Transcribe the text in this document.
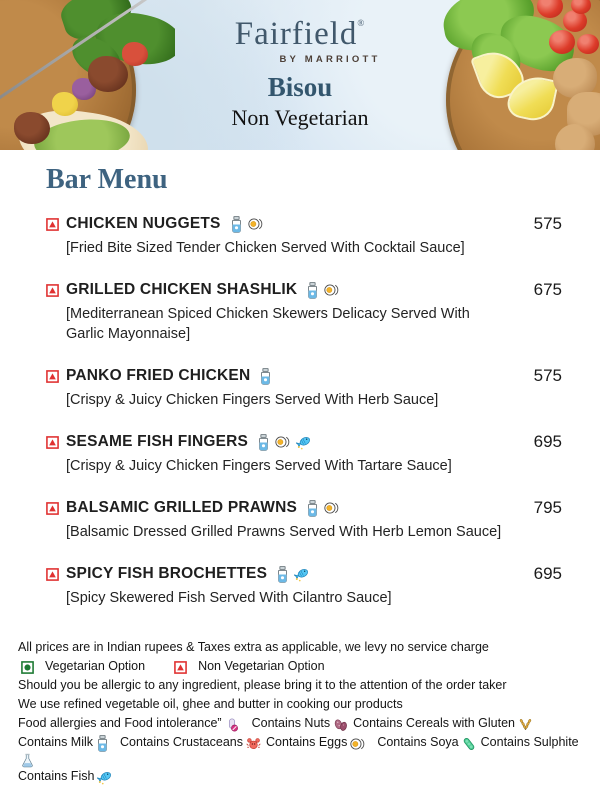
Fairfield®
BY MARRIOTT
Bisou
Non Vegetarian
Bar Menu
CHICKEN NUGGETS	575
[Fried Bite Sized Tender Chicken Served With Cocktail Sauce]
GRILLED CHICKEN SHASHLIK	675
[Mediterranean Spiced Chicken Skewers Delicacy Served With Garlic Mayonnaise]
PANKO FRIED CHICKEN	575
[Crispy & Juicy Chicken Fingers Served With Herb Sauce]
SESAME FISH FINGERS	695
[Crispy & Juicy Chicken Fingers Served With Tartare Sauce]
BALSAMIC GRILLED PRAWNS	795
[Balsamic Dressed Grilled Prawns Served With Herb Lemon Sauce]
SPICY FISH BROCHETTES	695
[Spicy Skewered Fish Served With Cilantro Sauce]
All prices are in Indian rupees & Taxes extra as applicable, we levy no service charge
Vegetarian Option	Non Vegetarian Option
Should you be allergic to any ingredient, please bring it to the attention of the order taker
We use refined vegetable oil, ghee and butter in cooking our products
Food allergies and Food intolerance” Contains Nuts Contains Cereals with Gluten
Contains Milk Contains Crustaceans Contains Eggs Contains Soya Contains Sulphite
Contains Fish
